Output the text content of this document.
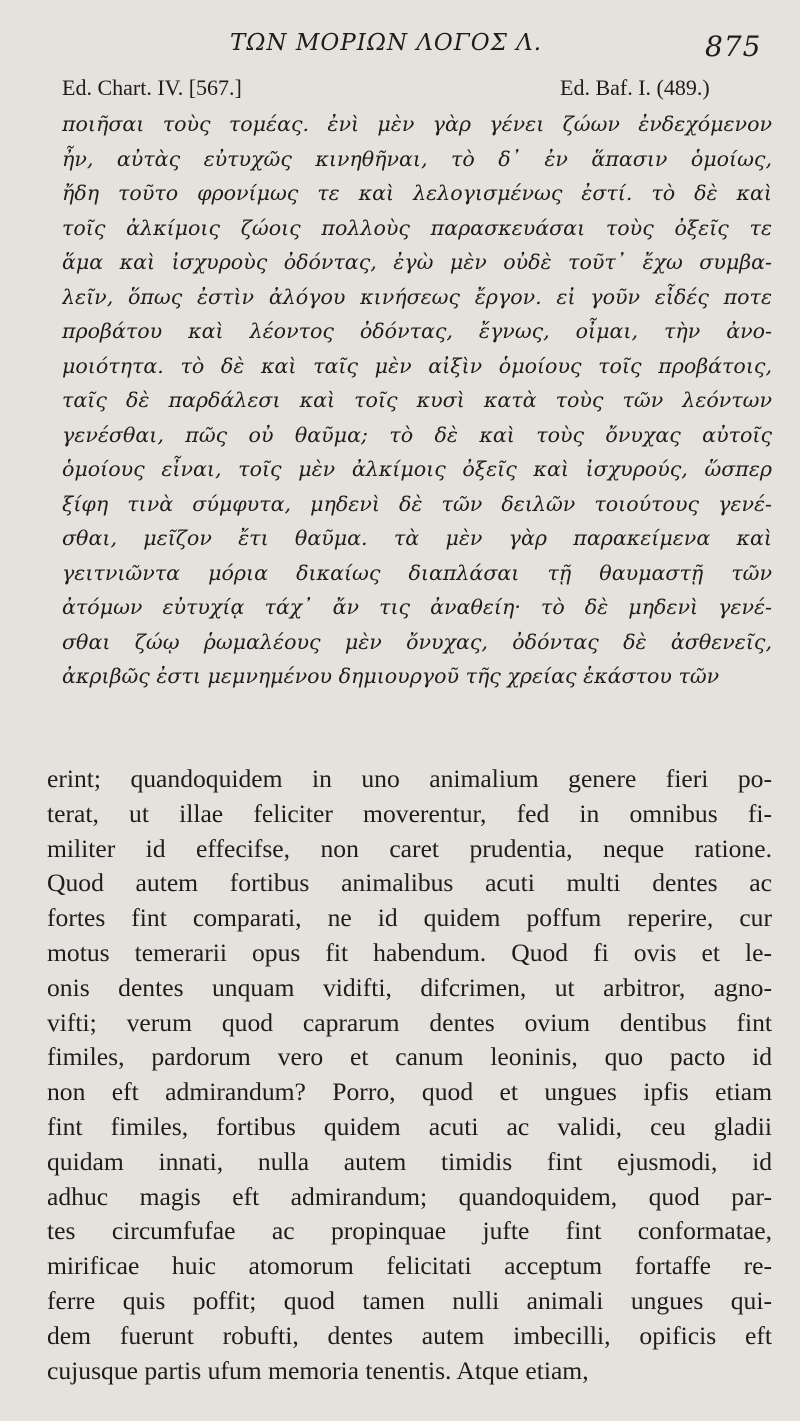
ΤΩΝ ΜΟΡΙΩΝ ΛΟΓΟΣ Λ.	875
Ed. Chart. IV. [567.]	Ed. Baf. I. (489.)
ποιῆσαι τοὺς τομέας. ἐνὶ μὲν γὰρ γένει ζώων ἐνδεχόμενον
ἦν, αὐτὰς εὐτυχῶς κινηθῆναι, τὸ δ᾿ ἐν ἅπασιν ὁμοίως,
ἤδη τοῦτο φρονίμως τε καὶ λελογισμένως ἐστί. τὸ δὲ καὶ
τοῖς ἀλκίμοις ζώοις πολλοὺς παρασκευάσαι τοὺς ὀξεῖς τε
ἅμα καὶ ἰσχυροὺς ὀδόντας, ἐγὼ μὲν οὐδὲ τοῦτ᾿ ἔχω συμβα-
λεῖν, ὅπως ἐστὶν ἀλόγου κινήσεως ἔργον. εἰ γοῦν εἶδές ποτε
προβάτου καὶ λέοντος ὀδόντας, ἔγνως, οἶμαι, τὴν ἀνο-
μοιότητα. τὸ δὲ καὶ ταῖς μὲν αἰξὶν ὁμοίους τοῖς προβάτοις,
ταῖς δὲ παρδάλεσι καὶ τοῖς κυσὶ κατὰ τοὺς τῶν λεόντων
γενέσθαι, πῶς οὐ θαῦμα; τὸ δὲ καὶ τοὺς ὄνυχας αὐτοῖς
ὁμοίους εἶναι, τοῖς μὲν ἀλκίμοις ὀξεῖς καὶ ἰσχυρούς, ὥσπερ
ξίφη τινὰ σύμφυτα, μηδενὶ δὲ τῶν δειλῶν τοιούτους γενέ-
σθαι, μεῖζον ἔτι θαῦμα. τὰ μὲν γὰρ παρακείμενα καὶ
γειτνιῶντα μόρια δικαίως διαπλάσαι τῇ θαυμαστῇ τῶν
ἀτόμων εὐτυχίᾳ τάχ᾿ ἄν τις ἀναθείη· τὸ δὲ μηδενὶ γενέ-
σθαι ζώῳ ῥωμαλέους μὲν ὄνυχας, ὀδόντας δὲ ἀσθενεῖς,
ἀκριβῶς ἐστι μεμνημένου δημιουργοῦ τῆς χρείας ἑκάστου τῶν
erint; quandoquidem in uno animalium genere fieri po-
terat, ut illae feliciter moverentur, fed in omnibus fi-
militer id effecifse, non caret prudentia, neque ratione.
Quod autem fortibus animalibus acuti multi dentes ac
fortes fint comparati, ne id quidem poffum reperire, cur
motus temerarii opus fit habendum. Quod fi ovis et le-
onis dentes unquam vidifti, difcrimen, ut arbitror, agno-
vifti; verum quod caprarum dentes ovium dentibus fint
fimiles, pardorum vero et canum leoninis, quo pacto id
non eft admirandum? Porro, quod et ungues ipfis etiam
fint fimiles, fortibus quidem acuti ac validi, ceu gladii
quidam innati, nulla autem timidis fint ejusmodi, id
adhuc magis eft admirandum; quandoquidem, quod par-
tes circumfufae ac propinquae jufte fint conformatae,
mirificae huic atomorum felicitati acceptum fortaffe re-
ferre quis poffit; quod tamen nulli animali ungues qui-
dem fuerunt robufti, dentes autem imbecilli, opificis eft
cujusque partis ufum memoria tenentis. Atque etiam,
